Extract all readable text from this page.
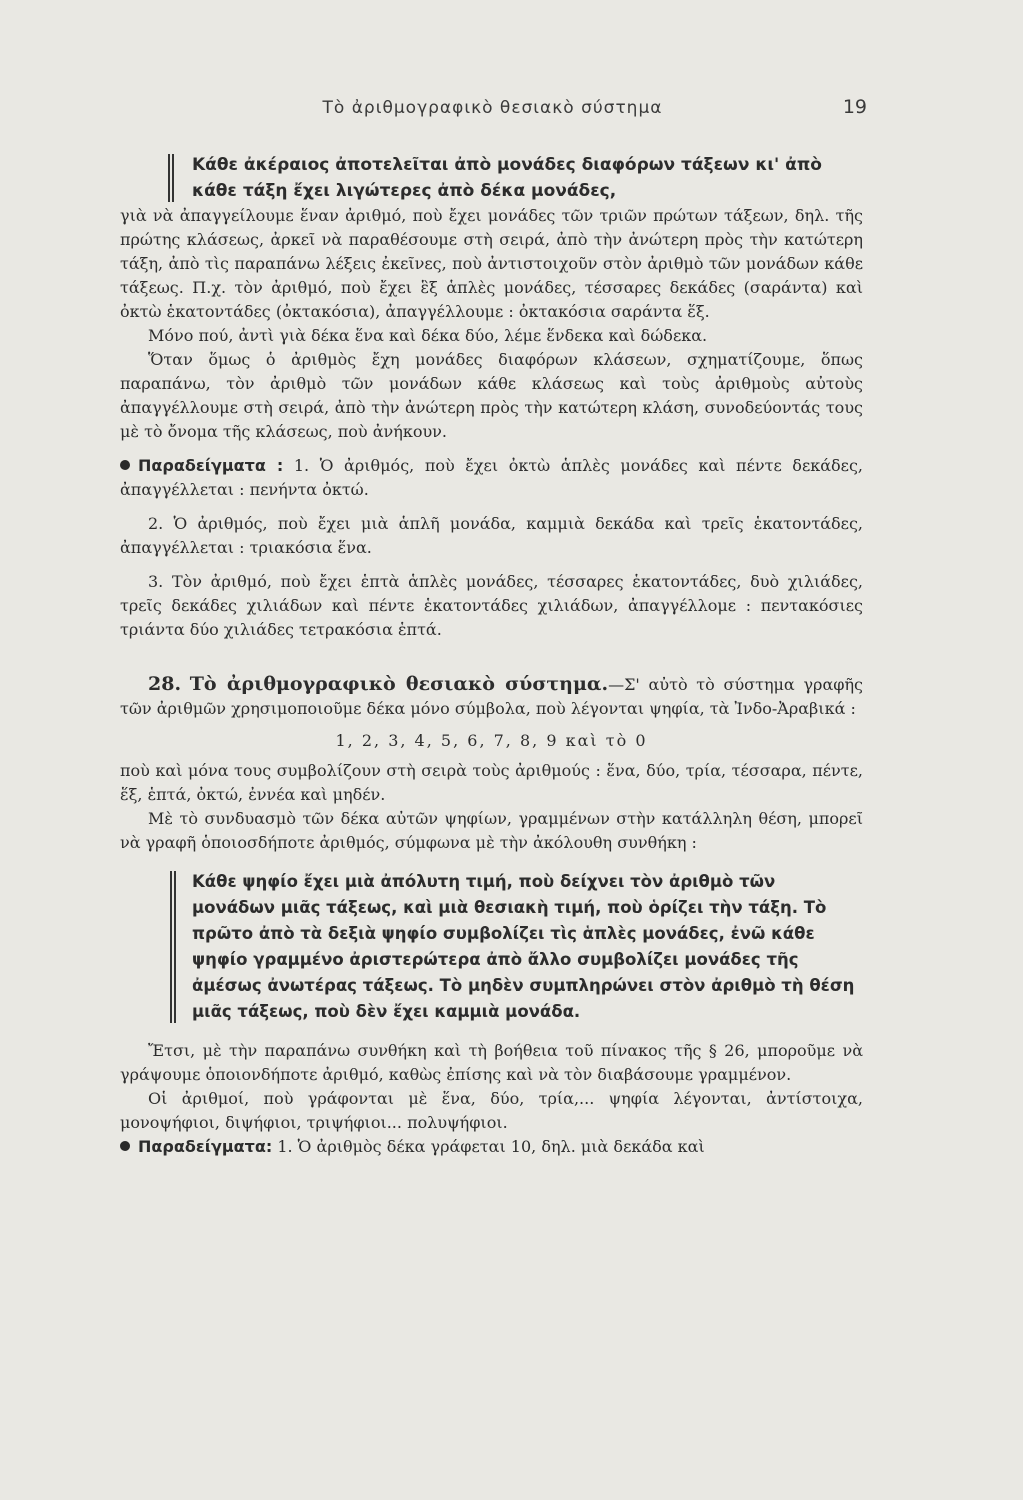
Τὸ ἀριθμογραφικὸ θεσιακὸ σύστημα	19
Κάθε ἀκέραιος ἀποτελεῖται ἀπὸ μονάδες διαφόρων τάξεων κι' ἀπὸ κάθε τάξη ἔχει λιγώτερες ἀπὸ δέκα μονάδες,

γιὰ νὰ ἀπαγγείλουμε ἕναν ἀριθμό, ποὺ ἔχει μονάδες τῶν τριῶν πρώτων τάξεων, δηλ. τῆς πρώτης κλάσεως, ἀρκεῖ νὰ παραθέσουμε στὴ σειρά, ἀπὸ τὴν ἀνώτερη πρὸς τὴν κατώτερη τάξη, ἀπὸ τὶς παραπάνω λέξεις ἐκεῖνες, ποὺ ἀντιστοιχοῦν στὸν ἀριθμὸ τῶν μονάδων κάθε τάξεως. Π.χ. τὸν ἀριθμό, ποὺ ἔχει ἓξ ἁπλὲς μονάδες, τέσσαρες δεκάδες (σαράντα) καὶ ὀκτὼ ἑκατοντάδες (ὀκτακόσια), ἀπαγγέλλουμε : ὀκτακόσια σαράντα ἕξ.

Μόνο πού, ἀντὶ γιὰ δέκα ἕνα καὶ δέκα δύο, λέμε ἕνδεκα καὶ δώδεκα.

Ὅταν ὅμως ὁ ἀριθμὸς ἔχη μονάδες διαφόρων κλάσεων, σχηματίζουμε, ὅπως παραπάνω, τὸν ἀριθμὸ τῶν μονάδων κάθε κλάσεως καὶ τοὺς ἀριθμοὺς αὐτοὺς ἀπαγγέλλουμε στὴ σειρά, ἀπὸ τὴν ἀνώτερη πρὸς τὴν κατώτερη κλάση, συνοδεύοντάς τους μὲ τὸ ὄνομα τῆς κλάσεως, ποὺ ἀνήκουν.

Παραδείγματα : 1. Ὁ ἀριθμός, ποὺ ἔχει ὀκτὼ ἁπλὲς μονάδες καὶ πέντε δεκάδες, ἀπαγγέλλεται : πενήντα ὀκτώ.

2. Ὁ ἀριθμός, ποὺ ἔχει μιὰ ἁπλῆ μονάδα, καμμιὰ δεκάδα καὶ τρεῖς ἑκατοντάδες, ἀπαγγέλλεται : τριακόσια ἕνα.

3. Τὸν ἀριθμό, ποὺ ἔχει ἑπτὰ ἁπλὲς μονάδες, τέσσαρες ἑκατοντάδες, δυὸ χιλιάδες, τρεῖς δεκάδες χιλιάδων καὶ πέντε ἑκατοντάδες χιλιάδων, ἀπαγγέλλομε : πεντακόσιες τριάντα δύο χιλιάδες τετρακόσια ἑπτά.

28. Τὸ ἀριθμογραφικὸ θεσιακὸ σύστημα.—Σ' αὐτὸ τὸ σύστημα γραφῆς τῶν ἀριθμῶν χρησιμοποιοῦμε δέκα μόνο σύμβολα, ποὺ λέγονται ψηφία, τὰ Ἰνδο-Ἀραβικά :

1, 2, 3, 4, 5, 6, 7, 8, 9 καὶ τὸ 0

ποὺ καὶ μόνα τους συμβολίζουν στὴ σειρὰ τοὺς ἀριθμούς : ἕνα, δύο, τρία, τέσσαρα, πέντε, ἕξ, ἑπτά, ὀκτώ, ἐννέα καὶ μηδέν.

Μὲ τὸ συνδυασμὸ τῶν δέκα αὐτῶν ψηφίων, γραμμένων στὴν κατάλληλη θέση, μπορεῖ νὰ γραφῆ ὁποιοσδήποτε ἀριθμός, σύμφωνα μὲ τὴν ἀκόλουθη συνθήκη :

Κάθε ψηφίο ἔχει μιὰ ἀπόλυτη τιμή, ποὺ δείχνει τὸν ἀριθμὸ τῶν μονάδων μιᾶς τάξεως, καὶ μιὰ θεσιακὴ τιμή, ποὺ ὁρίζει τὴν τάξη. Τὸ πρῶτο ἀπὸ τὰ δεξιὰ ψηφίο συμβολίζει τὶς ἁπλὲς μονάδες, ἐνῶ κάθε ψηφίο γραμμένο ἀριστερώτερα ἀπὸ ἄλλο συμβολίζει μονάδες τῆς ἀμέσως ἀνωτέρας τάξεως. Τὸ μηδὲν συμπληρώνει στὸν ἀριθμὸ τὴ θέση μιᾶς τάξεως, ποὺ δὲν ἔχει καμμιὰ μονάδα.

Ἔτσι, μὲ τὴν παραπάνω συνθήκη καὶ τὴ βοήθεια τοῦ πίνακος τῆς § 26, μποροῦμε νὰ γράψουμε ὁποιονδήποτε ἀριθμό, καθὼς ἐπίσης καὶ νὰ τὸν διαβάσουμε γραμμένον.

Οἱ ἀριθμοί, ποὺ γράφονται μὲ ἕνα, δύο, τρία,... ψηφία λέγονται, ἀντίστοιχα, μονοψήφιοι, διψήφιοι, τριψήφιοι... πολυψήφιοι.

Παραδείγματα: 1. Ὁ ἀριθμὸς δέκα γράφεται 10, δηλ. μιὰ δεκάδα καὶ
